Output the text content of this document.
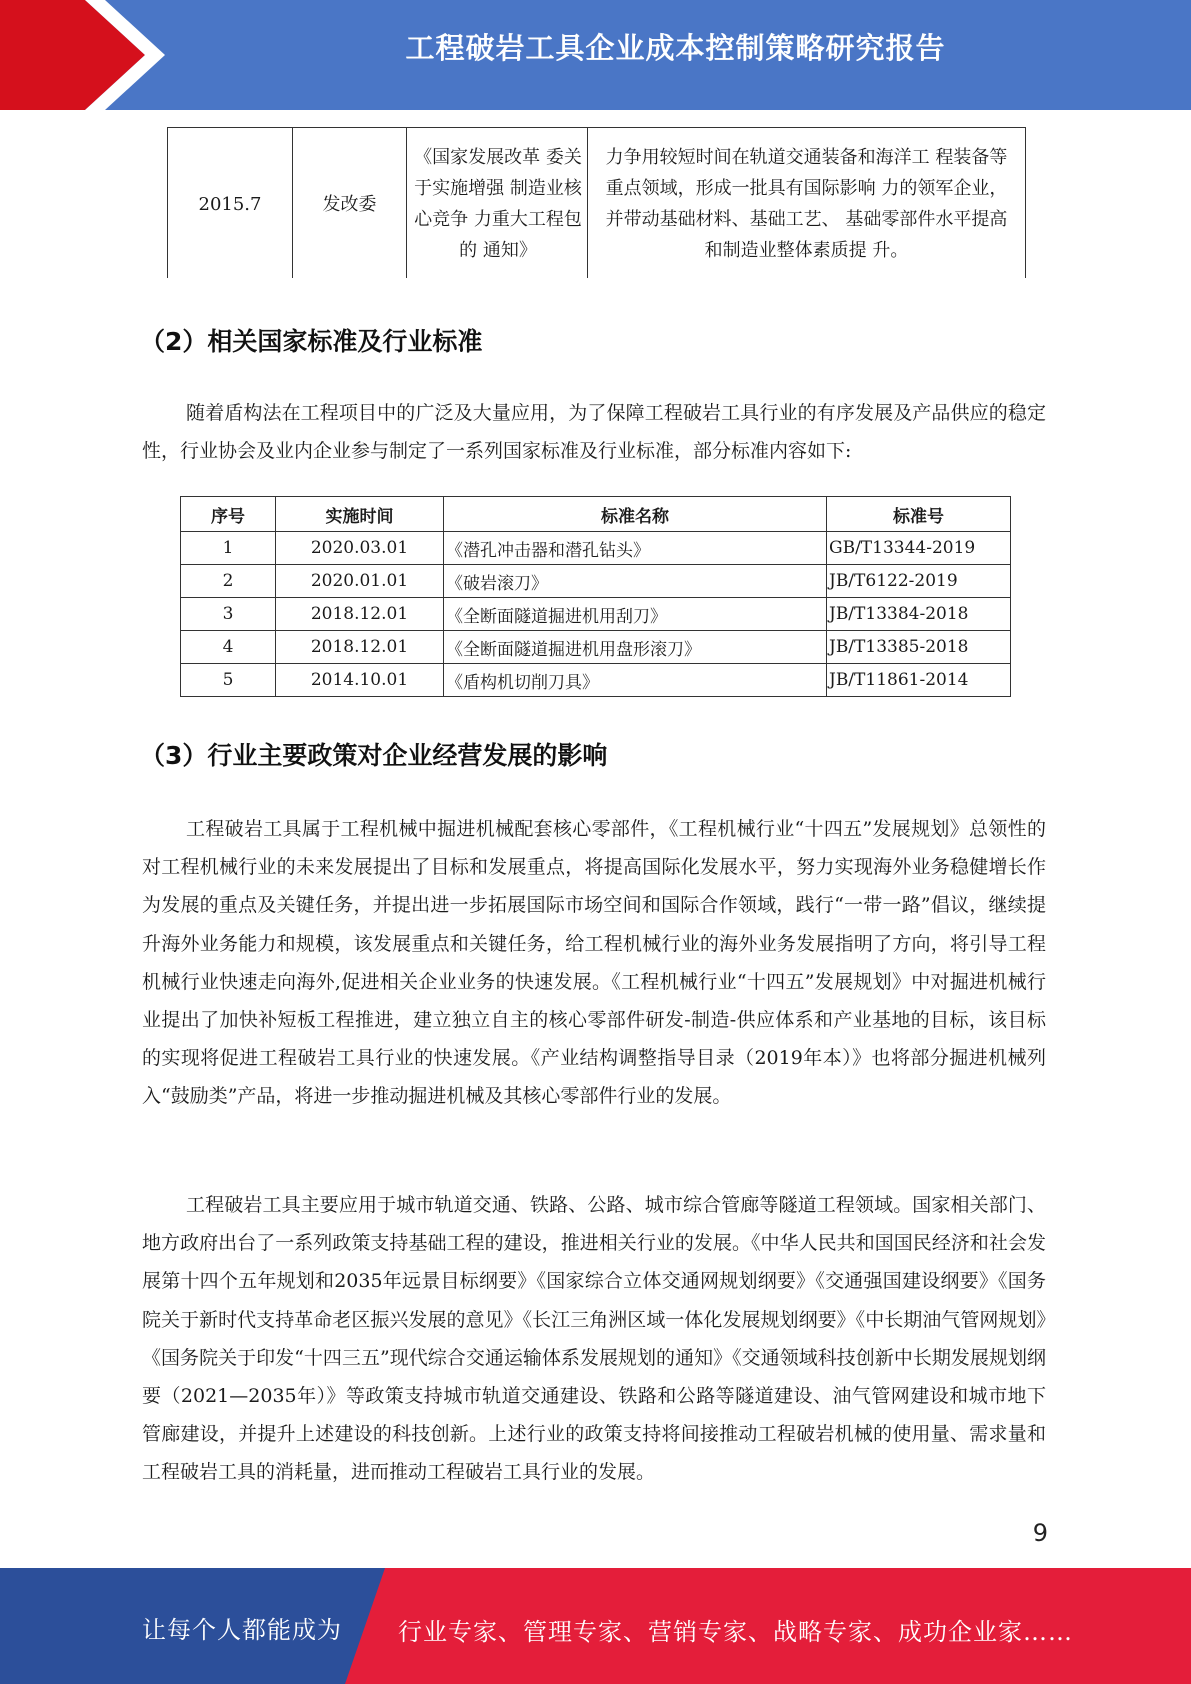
工程破岩工具企业成本控制策略研究报告
2015.7	发改委	《国家发展改革 委关于实施增强 制造业核心竞争 力重大工程包的 通知》	力争用较短时间在轨道交通装备和海洋工 程装备等重点领域，形成一批具有国际影响 力的领军企业，并带动基础材料、基础工艺、 基础零部件水平提高和制造业整体素质提 升。
（2）相关国家标准及行业标准

随着盾构法在工程项目中的广泛及大量应用，为了保障工程破岩工具行业的有序发展及产品供应的稳定性，行业协会及业内企业参与制定了一系列国家标准及行业标准，部分标准内容如下:

序号	实施时间	标准名称	标准号
1	2020.03.01	《潜孔冲击器和潜孔钻头》	GB/T13344-2019
2	2020.01.01	《破岩滚刀》	JB/T6122-2019
3	2018.12.01	《全断面隧道掘进机用刮刀》	JB/T13384-2018
4	2018.12.01	《全断面隧道掘进机用盘形滚刀》	JB/T13385-2018
5	2014.10.01	《盾构机切削刀具》	JB/T11861-2014
（3）行业主要政策对企业经营发展的影响

工程破岩工具属于工程机械中掘进机械配套核心零部件，《工程机械行业“十四五”发展规划》总领性的对工程机械行业的未来发展提出了目标和发展重点，将提高国际化发展水平，努力实现海外业务稳健增长作为发展的重点及关键任务，并提出进一步拓展国际市场空间和国际合作领域，践行“一带一路”倡议，继续提升海外业务能力和规模，该发展重点和关键任务，给工程机械行业的海外业务发展指明了方向，将引导工程机械行业快速走向海外,促进相关企业业务的快速发展。《工程机械行业“十四五”发展规划》中对掘进机械行业提出了加快补短板工程推进，建立独立自主的核心零部件研发-制造-供应体系和产业基地的目标，该目标的实现将促进工程破岩工具行业的快速发展。《产业结构调整指导目录（2019年本）》也将部分掘进机械列入“鼓励类”产品，将进一步推动掘进机械及其核心零部件行业的发展。

工程破岩工具主要应用于城市轨道交通、铁路、公路、城市综合管廊等隧道工程领域。国家相关部门、地方政府出台了一系列政策支持基础工程的建设，推进相关行业的发展。《中华人民共和国国民经济和社会发展第十四个五年规划和2035年远景目标纲要》《国家综合立体交通网规划纲要》《交通强国建设纲要》《国务院关于新时代支持革命老区振兴发展的意见》《长江三角洲区域一体化发展规划纲要》《中长期油气管网规划》《国务院关于印发“十四三五”现代综合交通运输体系发展规划的通知》《交通领域科技创新中长期发展规划纲要（2021—2035年）》等政策支持城市轨道交通建设、铁路和公路等隧道建设、油气管网建设和城市地下管廊建设，并提升上述建设的科技创新。上述行业的政策支持将间接推动工程破岩机械的使用量、需求量和工程破岩工具的消耗量，进而推动工程破岩工具行业的发展。

9
让每个人都能成为 行业专家、管理专家、营销专家、战略专家、成功企业家……
